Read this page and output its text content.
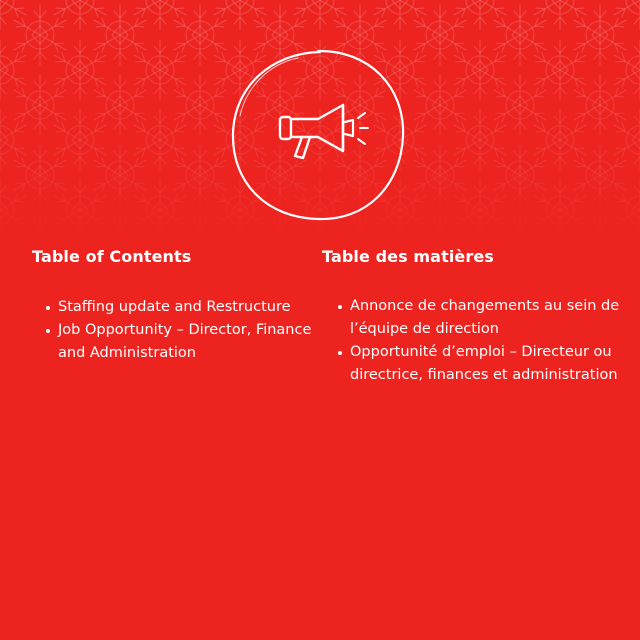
Table of Contents
Staffing update and Restructure
Job Opportunity – Director, Finance and Administration
Table des matières
Annonce de changements au sein de l’équipe de direction
Opportunité d’emploi – Directeur ou directrice, finances et administration
